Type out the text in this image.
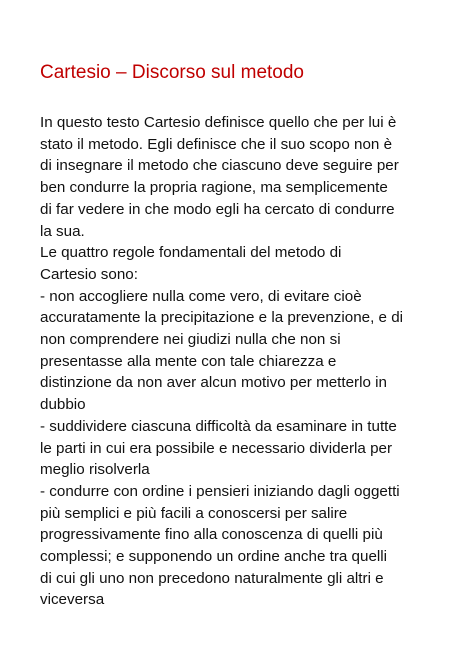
Cartesio – Discorso sul metodo
In questo testo Cartesio definisce quello che per lui è
stato il metodo. Egli definisce che il suo scopo non è
di insegnare il metodo che ciascuno deve seguire per
ben condurre la propria ragione, ma semplicemente
di far vedere in che modo egli ha cercato di condurre
la sua.
Le quattro regole fondamentali del metodo di
Cartesio sono:
- non accogliere nulla come vero, di evitare cioè
accuratamente la precipitazione e la prevenzione, e di
non comprendere nei giudizi nulla che non si
presentasse alla mente con tale chiarezza e
distinzione da non aver alcun motivo per metterlo in
dubbio
- suddividere ciascuna difficoltà da esaminare in tutte
le parti in cui era possibile e necessario dividerla per
meglio risolverla
- condurre con ordine i pensieri iniziando dagli oggetti
più semplici e più facili a conoscersi per salire
progressivamente fino alla conoscenza di quelli più
complessi; e supponendo un ordine anche tra quelli
di cui gli uno non precedono naturalmente gli altri e
viceversa
